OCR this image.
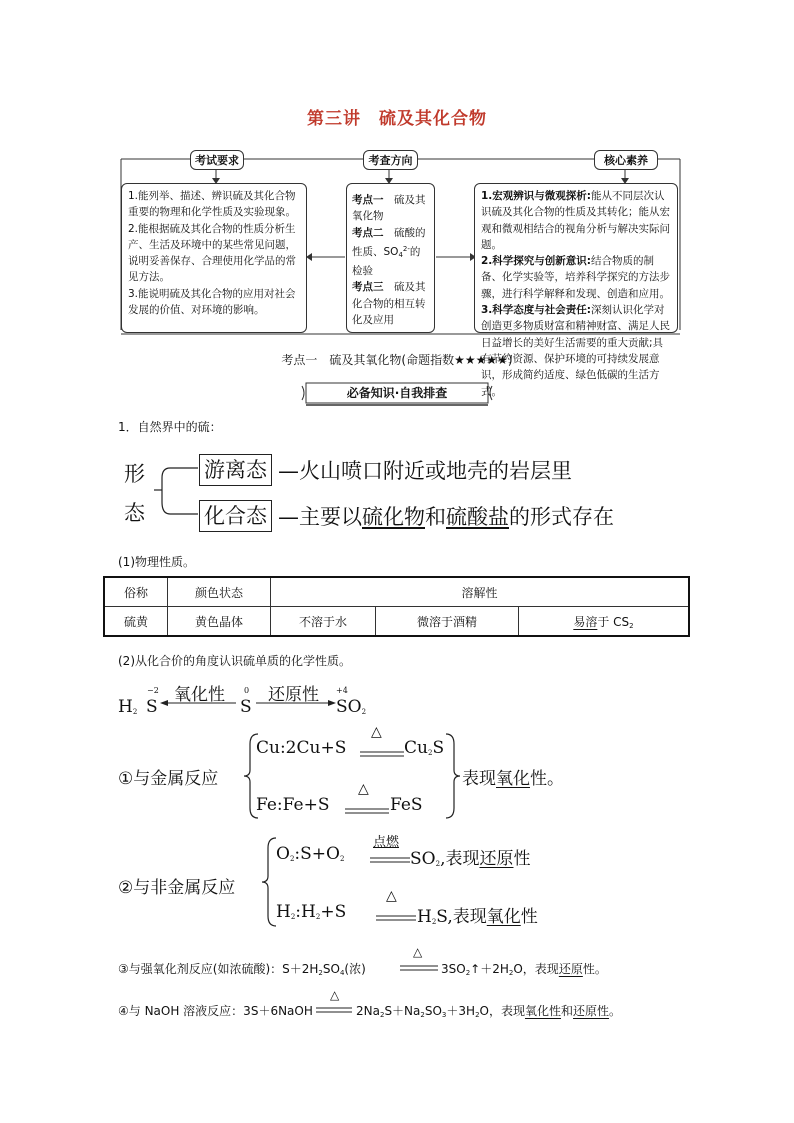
第三讲　硫及其化合物
考试要求	考查方向	核心素养
1.能列举、描述、辨识硫及其化合物重要的物理和化学性质及实验现象。
2.能根据硫及其化合物的性质分析生产、生活及环境中的某些常见问题，说明妥善保存、合理使用化学品的常见方法。
3.能说明硫及其化合物的应用对社会发展的价值、对环境的影响。
考点一　硫及其氧化物
考点二　硫酸的性质、$SO_4^{2-}$的检验
考点三　硫及其化合物的相互转化及应用
1.宏观辨识与微观探析:能从不同层次认识硫及其化合物的性质及其转化；能从宏观和微观相结合的视角分析与解决实际问题。
2.科学探究与创新意识:结合物质的制备、化学实验等，培养科学探究的方法步骤，进行科学解释和发现、创造和应用。
3.科学态度与社会责任:深刻认识化学对创造更多物质财富和精神财富、满足人民日益增长的美好生活需要的重大贡献;具有节约资源、保护环境的可持续发展意识，形成简约适度、绿色低碳的生活方式。
考点一　硫及其氧化物(命题指数★★★★★)
必备知识·自我排查
1．自然界中的硫：
形
态
游离态 —火山喷口附近或地壳的岩层里
化合态 —主要以硫化物和硫酸盐的形式存在
(1)物理性质。
俗称	颜色状态	溶解性		
硫黄	黄色晶体	不溶于水	微溶于酒精	易溶于 $CS_2$
(2)从化合价的角度认识硫单质的化学性质。
$H_2$ S
−2 氧化性
S
0 还原性
$SO_2$
+4
①与金属反应
Cu:2Cu+S
△
$Cu_2S$
Fe:Fe+S
△
FeS
表现氧化性。
②与非金属反应
$O_2:S+O_2$
点燃
$SO_2$,表现还原性
$H_2:H_2+S$
△
$H_2S$,表现氧化性
③与强氧化剂反应(如浓硫酸)：$S+2H_2SO_4$(浓)
△
$3SO_2↑+2H_2O$，表现还原性。
④与 NaOH 溶液反应：3S＋6NaOH
△
$2Na_2S+Na_2SO_3+3H_2O$，表现氧化性和还原性。
